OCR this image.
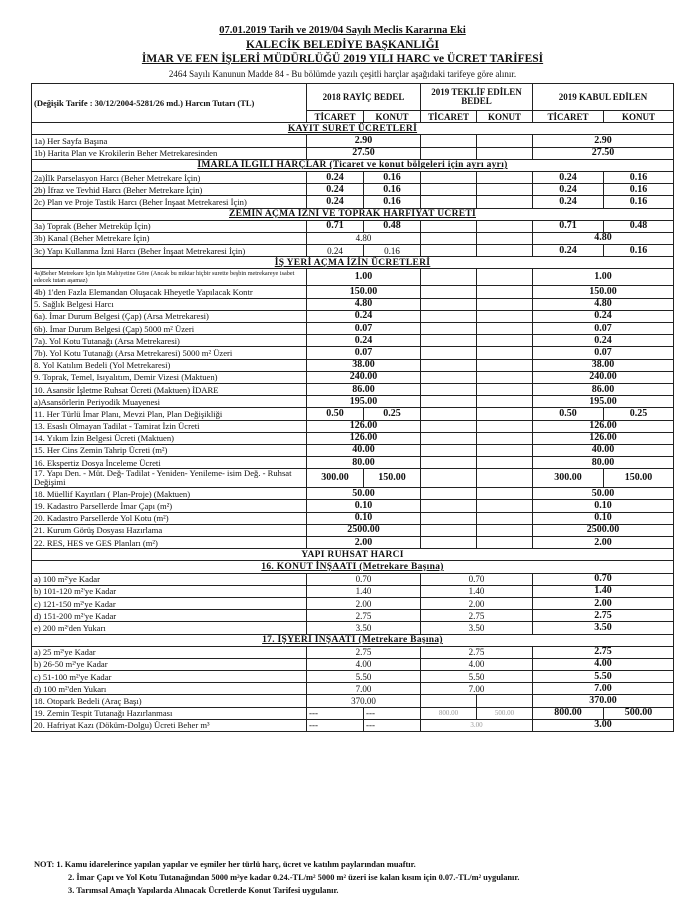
07.01.2019 Tarih ve 2019/04 Sayılı Meclis Kararına Eki
KALECİK BELEDİYE BAŞKANLIĞI
İMAR VE FEN İŞLERİ MÜDÜRLÜĞÜ 2019 YILI HARC ve ÜCRET TARİFESİ
2464 Sayılı Kanunun Madde 84 - Bu bölümde yazılı çeşitli harçlar aşağıdaki tarifeye göre alınır.
(Değişik Tarife : 30/12/2004-5281/26 md.) Harcın Tutarı (TL)	2018 RAYİÇ BEDEL		2019 TEKLİF EDİLEN BEDEL		2019 KABUL EDİLEN	
	TİCARET	KONUT	TİCARET	KONUT	TİCARET	KONUT
KAYIT SURET ÜCRETLERİ						
1a) Her Sayfa Başına	2.90				2.90	
1b) Harita Plan ve Krokilerin Beher Metrekaresinden	27.50				27.50	
İMARLA İLGİLİ HARÇLAR (Ticaret ve konut bölgeleri için ayrı ayrı)						
2a)İlk Parselasyon Harcı (Beher Metrekare İçin)	0.24	0.16			0.24	0.16
2b) İfraz ve Tevhid Harcı (Beher Metrekare İçin)	0.24	0.16			0.24	0.16
2c) Plan ve Proje Tastik Harcı (Beher İnşaat Metrekaresi İçin)	0.24	0.16			0.24	0.16
ZEMİN AÇMA İZNİ VE TOPRAK HARFİYAT ÜCRETİ						
3a) Toprak (Beher Metreküp İçin)	0.71	0.48			0.71	0.48
3b) Kanal (Beher Metrekare İçin)	4.80				4.80	
3c) Yapı Kullanma İzni Harcı (Beher İnşaat Metrekaresi İçin)	0.24	0.16			0.24	0.16
İŞ YERİ AÇMA İZİN ÜCRETLERİ						
4a)Beher Metrekare İçin İşin Mahiyetine Göre (Ancak bu miktar hiçbir surette beşbin metrekareye isabet edecek tutarı aşamaz)	1.00				1.00	
4b) 1'den Fazla Elemandan Oluşacak Hheyetle Yapılacak Kontr	150.00				150.00	
5. Sağlık Belgesi Harcı	4.80				4.80	
6a). İmar Durum Belgesi (Çap) (Arsa Metrekaresi)	0.24				0.24	
6b). İmar Durum Belgesi (Çap) 5000 m² Üzeri	0.07				0.07	
7a). Yol Kotu Tutanağı (Arsa Metrekaresi)	0.24				0.24	
7b). Yol Kotu Tutanağı (Arsa Metrekaresi) 5000 m² Üzeri	0.07				0.07	
8. Yol Katılım Bedeli (Yol Metrekaresi)	38.00				38.00	
9. Toprak, Temel, Isıyalıtım, Demir Vizesi (Maktuen)	240.00				240.00	
10. Asansör İşletme Ruhsat Ücreti (Maktuen) İDARE	86.00				86.00	
a)Asansörlerin Periyodik Muayenesi	195.00				195.00	
11. Her Türlü İmar Planı, Mevzi Plan, Plan Değişikliği	0.50	0.25			0.50	0.25
13. Esaslı Olmayan Tadilat - Tamirat İzin Ücreti	126.00				126.00	
14. Yıkım İzin Belgesi Ücreti (Maktuen)	126.00				126.00	
15. Her Cins Zemin Tahrip Ücreti (m²)	40.00				40.00	
16. Ekspertiz Dosya İnceleme Ücreti	80.00				80.00	
17. Yapı Den. - Müt. Değ- Tadilat - Yeniden- Yenileme- isim Değ. - Ruhsat Değişimi	300.00	150.00			300.00	150.00
18. Müellif Kayıtları ( Plan-Proje) (Maktuen)	50.00				50.00	
19. Kadastro Parsellerde İmar Çapı (m²)	0.10				0.10	
20. Kadastro Parsellerde Yol Kotu (m²)	0.10				0.10	
21. Kurum Görüş Dosyası Hazırlama	2500.00				2500.00	
22. RES, HES ve GES Planları (m²)	2.00				2.00	
YAPI RUHSAT HARCI						
16. KONUT İNŞAATI (Metrekare Başına)						
a) 100 m²'ye Kadar	0.70		0.70		0.70	
b) 101-120 m²'ye Kadar	1.40		1.40		1.40	
c) 121-150 m²'ye Kadar	2.00		2.00		2.00	
d) 151-200 m²'ye Kadar	2.75		2.75		2.75	
e) 200 m²'den Yukarı	3.50		3.50		3.50	
17. İŞYERİ İNŞAATI (Metrekare Başına)						
a) 25 m²'ye Kadar	2.75		2.75		2.75	
b) 26-50 m²'ye Kadar	4.00		4.00		4.00	
c) 51-100 m²'ye Kadar	5.50		5.50		5.50	
d) 100 m²'den Yukarı	7.00		7.00		7.00	
18. Otopark Bedeli (Araç Başı)	370.00				370.00	
19. Zemin Tespit Tutanağı Hazırlanması	---	---	800.00	500.00	800.00	500.00
20. Hafriyat Kazı (Döküm-Dolgu) Ücreti Beher m³	---	---	3.00		3.00	
NOT: 1. Kamu idarelerince yapılan yapılar ve eşmiler her türlü harç, ücret ve katılım paylarından muaftır.
2. İmar Çapı ve Yol Kotu Tutanağından 5000 m²ye kadar 0.24.-TL/m² 5000 m² üzeri ise kalan kısım için 0.07.-TL/m² uygulanır.
3. Tarımsal Amaçlı Yapılarda Alınacak Ücretlerde Konut Tarifesi uygulanır.
